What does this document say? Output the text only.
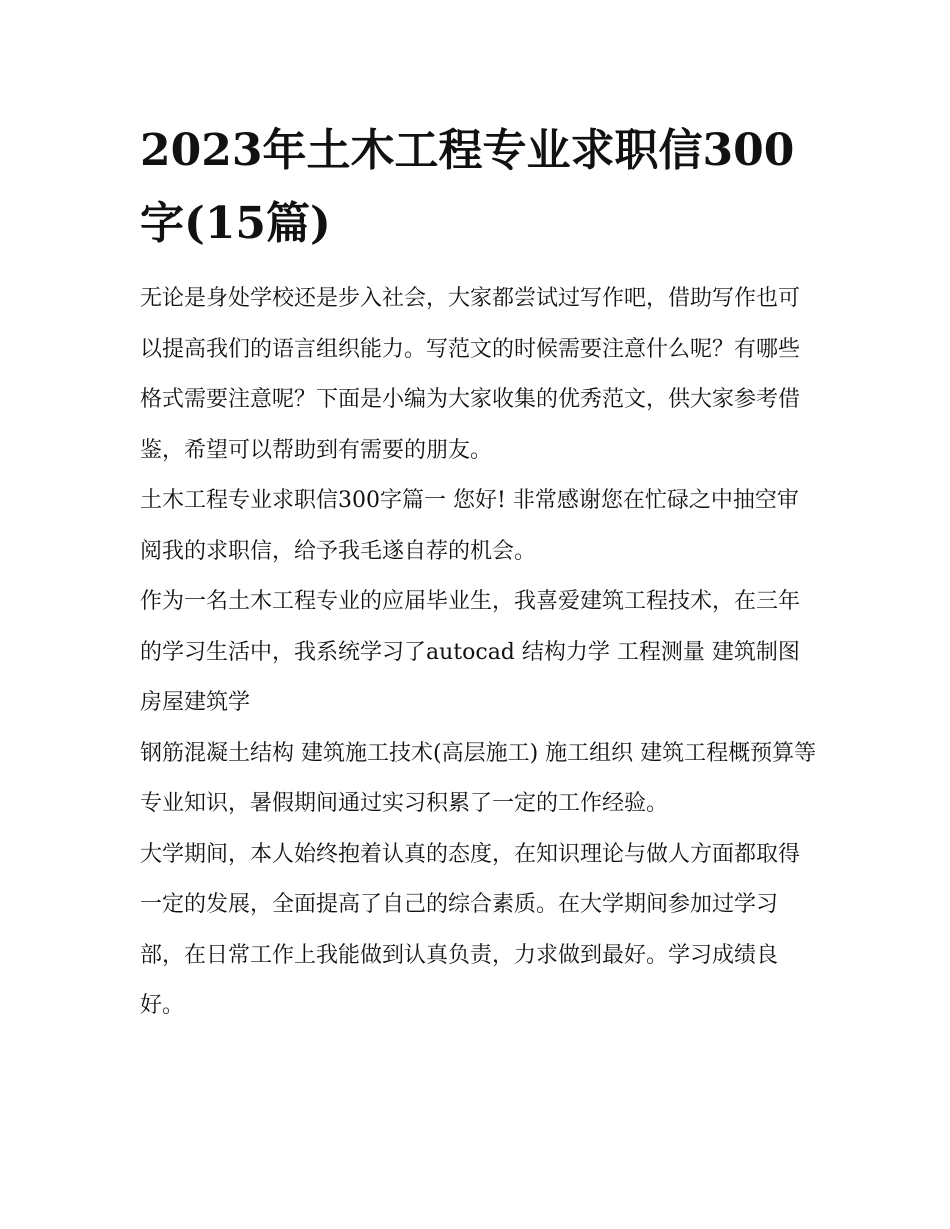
2023年土木工程专业求职信300字(15篇)

无论是身处学校还是步入社会，大家都尝试过写作吧，借助写作也可以提高我们的语言组织能力。写范文的时候需要注意什么呢？有哪些格式需要注意呢？下面是小编为大家收集的优秀范文，供大家参考借鉴，希望可以帮助到有需要的朋友。

土木工程专业求职信300字篇一 您好! 非常感谢您在忙碌之中抽空审阅我的求职信，给予我毛遂自荐的机会。

作为一名土木工程专业的应届毕业生，我喜爱建筑工程技术，在三年的学习生活中，我系统学习了autocad 结构力学 工程测量 建筑制图 房屋建筑学

钢筋混凝土结构 建筑施工技术(高层施工) 施工组织 建筑工程概预算等专业知识，暑假期间通过实习积累了一定的工作经验。

大学期间，本人始终抱着认真的态度，在知识理论与做人方面都取得一定的发展，全面提高了自己的综合素质。在大学期间参加过学习部，在日常工作上我能做到认真负责，力求做到最好。学习成绩良好。
